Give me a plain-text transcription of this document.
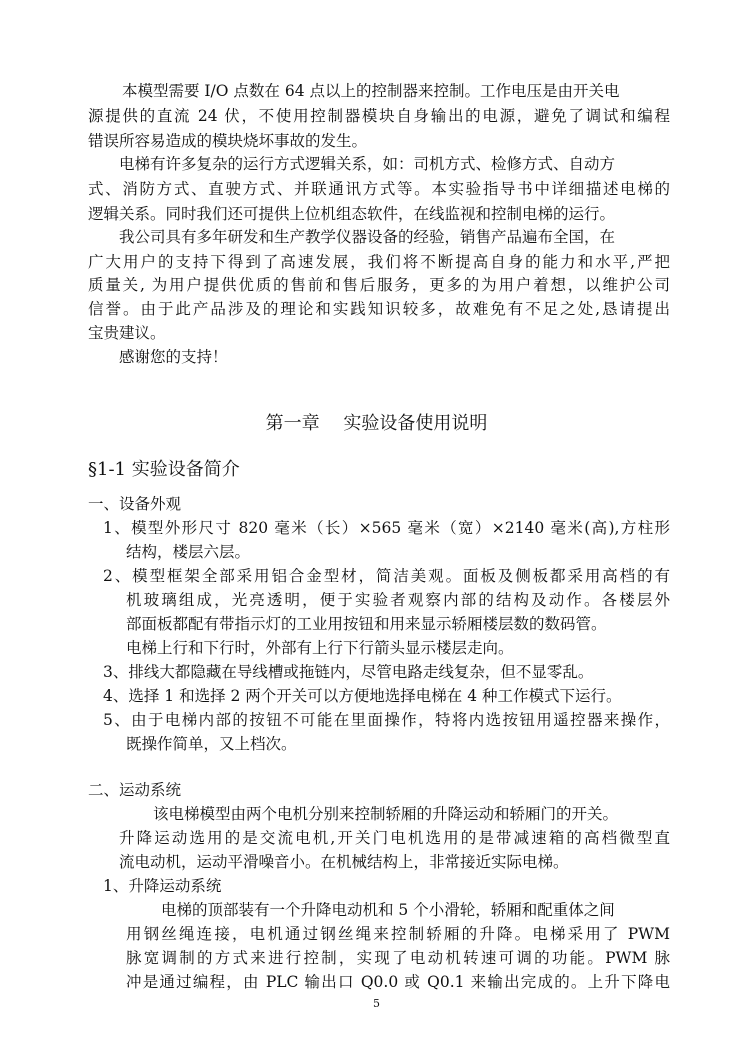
本模型需要 I/O 点数在 64 点以上的控制器来控制。工作电压是由开关电
源提供的直流 24 伏，不使用控制器模块自身输出的电源，避免了调试和编程
错误所容易造成的模块烧坏事故的发生。
电梯有许多复杂的运行方式逻辑关系，如：司机方式、检修方式、自动方
式、消防方式、直驶方式、并联通讯方式等。本实验指导书中详细描述电梯的
逻辑关系。同时我们还可提供上位机组态软件，在线监视和控制电梯的运行。
我公司具有多年研发和生产教学仪器设备的经验，销售产品遍布全国，在
广大用户的支持下得到了高速发展，我们将不断提高自身的能力和水平,严把
质量关, 为用户提供优质的售前和售后服务，更多的为用户着想，以维护公司
信誉。由于此产品涉及的理论和实践知识较多，故难免有不足之处,恳请提出
宝贵建议。
感谢您的支持！
第一章　 实验设备使用说明
§1-1 实验设备简介
一、设备外观
1、模型外形尺寸 820 毫米（长）×565 毫米（宽）×2140 毫米(高),方柱形
结构，楼层六层。
2、模型框架全部采用铝合金型材，简洁美观。面板及侧板都采用高档的有
机玻璃组成，光亮透明，便于实验者观察内部的结构及动作。各楼层外
部面板都配有带指示灯的工业用按钮和用来显示轿厢楼层数的数码管。
电梯上行和下行时，外部有上行下行箭头显示楼层走向。
3、排线大都隐藏在导线槽或拖链内，尽管电路走线复杂，但不显零乱。
4、选择 1 和选择 2 两个开关可以方便地选择电梯在 4 种工作模式下运行。
5、由于电梯内部的按钮不可能在里面操作，特将内选按钮用遥控器来操作，
既操作简单，又上档次。
二、运动系统
该电梯模型由两个电机分别来控制轿厢的升降运动和轿厢门的开关。
升降运动选用的是交流电机,开关门电机选用的是带减速箱的高档微型直
流电动机，运动平滑噪音小。在机械结构上，非常接近实际电梯。
1、升降运动系统
电梯的顶部装有一个升降电动机和 5 个小滑轮，轿厢和配重体之间
用钢丝绳连接，电机通过钢丝绳来控制轿厢的升降。电梯采用了 PWM
脉宽调制的方式来进行控制，实现了电动机转速可调的功能。PWM 脉
冲是通过编程，由 PLC 输出口 Q0.0 或 Q0.1 来输出完成的。上升下降电
5
